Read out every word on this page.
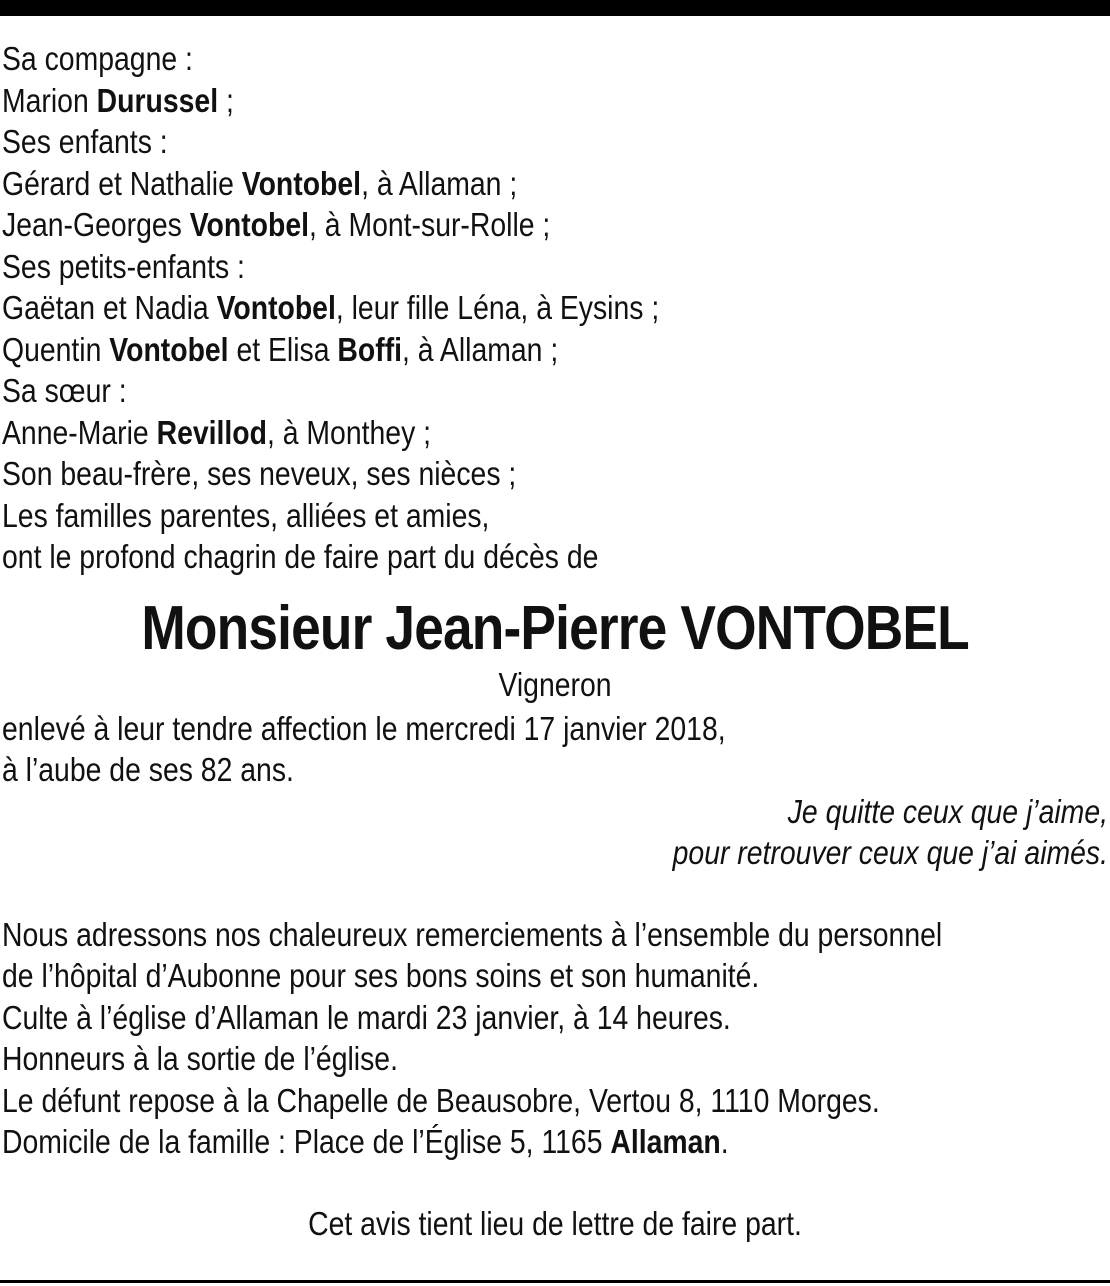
Sa compagne :
Marion Durussel ;
Ses enfants :
Gérard et Nathalie Vontobel, à Allaman ;
Jean-Georges Vontobel, à Mont-sur-Rolle ;
Ses petits-enfants :
Gaëtan et Nadia Vontobel, leur fille Léna, à Eysins ;
Quentin Vontobel et Elisa Boffi, à Allaman ;
Sa sœur :
Anne-Marie Revillod, à Monthey ;
Son beau-frère, ses neveux, ses nièces ;
Les familles parentes, alliées et amies,
ont le profond chagrin de faire part du décès de
Monsieur Jean-Pierre VONTOBEL
Vigneron
enlevé à leur tendre affection le mercredi 17 janvier 2018,
à l’aube de ses 82 ans.
Je quitte ceux que j’aime,
pour retrouver ceux que j’ai aimés.
Nous adressons nos chaleureux remerciements à l’ensemble du personnel
de l’hôpital d’Aubonne pour ses bons soins et son humanité.
Culte à l’église d’Allaman le mardi 23 janvier, à 14 heures.
Honneurs à la sortie de l’église.
Le défunt repose à la Chapelle de Beausobre, Vertou 8, 1110 Morges.
Domicile de la famille : Place de l’Église 5, 1165 Allaman.
Cet avis tient lieu de lettre de faire part.
